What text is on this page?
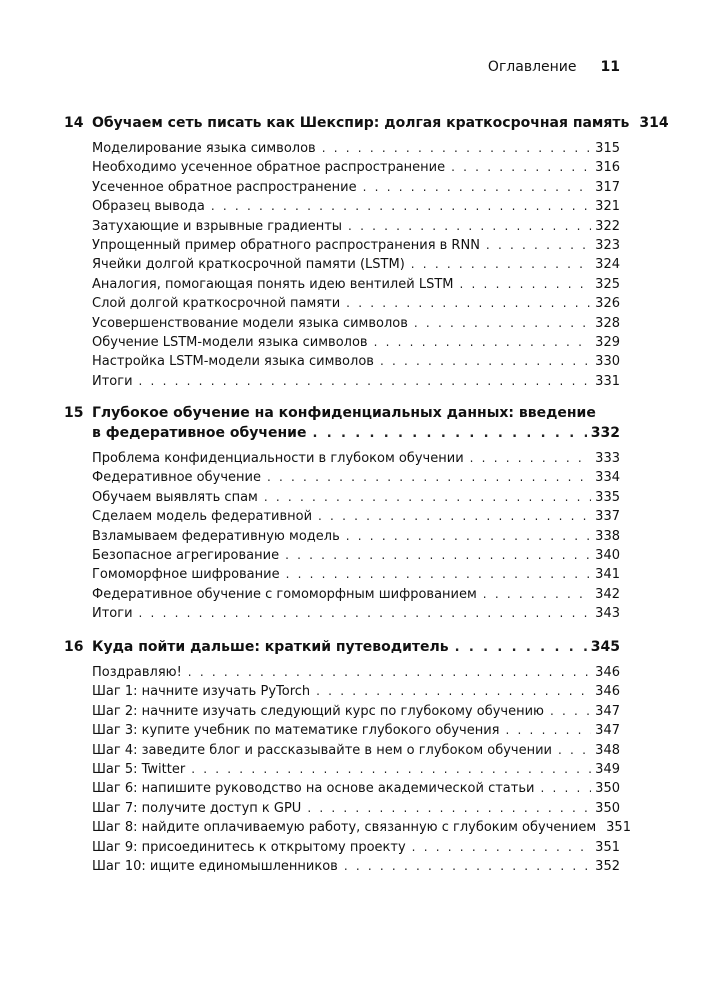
Оглавление 11
14 Обучаем сеть писать как Шекспир: долгая краткосрочная память 314
Моделирование языка символов . . .	315
Необходимо усеченное обратное распространение . . .	316
Усеченное обратное распространение . . .	317
Образец вывода . . .	321
Затухающие и взрывные градиенты . . .	322
Упрощенный пример обратного распространения в RNN . . .	323
Ячейки долгой краткосрочной памяти (LSTM) . . .	324
Аналогия, помогающая понять идею вентилей LSTM . . .	325
Слой долгой краткосрочной памяти . . .	326
Усовершенствование модели языка символов . . .	328
Обучение LSTM-модели языка символов . . .	329
Настройка LSTM-модели языка символов . . .	330
Итоги . . .	331
15 Глубокое обучение на конфиденциальных данных: введение
в федеративное обучение . . .	332
Проблема конфиденциальности в глубоком обучении . . .	333
Федеративное обучение . . .	334
Обучаем выявлять спам . . .	335
Сделаем модель федеративной . . .	337
Взламываем федеративную модель . . .	338
Безопасное агрегирование . . .	340
Гомоморфное шифрование . . .	341
Федеративное обучение с гомоморфным шифрованием . . .	342
Итоги . . .	343
16 Куда пойти дальше: краткий путеводитель . . .	345
Поздравляю! . . .	346
Шаг 1: начните изучать PyTorch . . .	346
Шаг 2: начните изучать следующий курс по глубокому обучению . . .	347
Шаг 3: купите учебник по математике глубокого обучения . . .	347
Шаг 4: заведите блог и рассказывайте в нем о глубоком обучении . . .	348
Шаг 5: Twitter . . .	349
Шаг 6: напишите руководство на основе академической статьи . . .	350
Шаг 7: получите доступ к GPU . . .	350
Шаг 8: найдите оплачиваемую работу, связанную с глубоким обучением 351
Шаг 9: присоединитесь к открытому проекту . . .	351
Шаг 10: ищите единомышленников . . .	352
